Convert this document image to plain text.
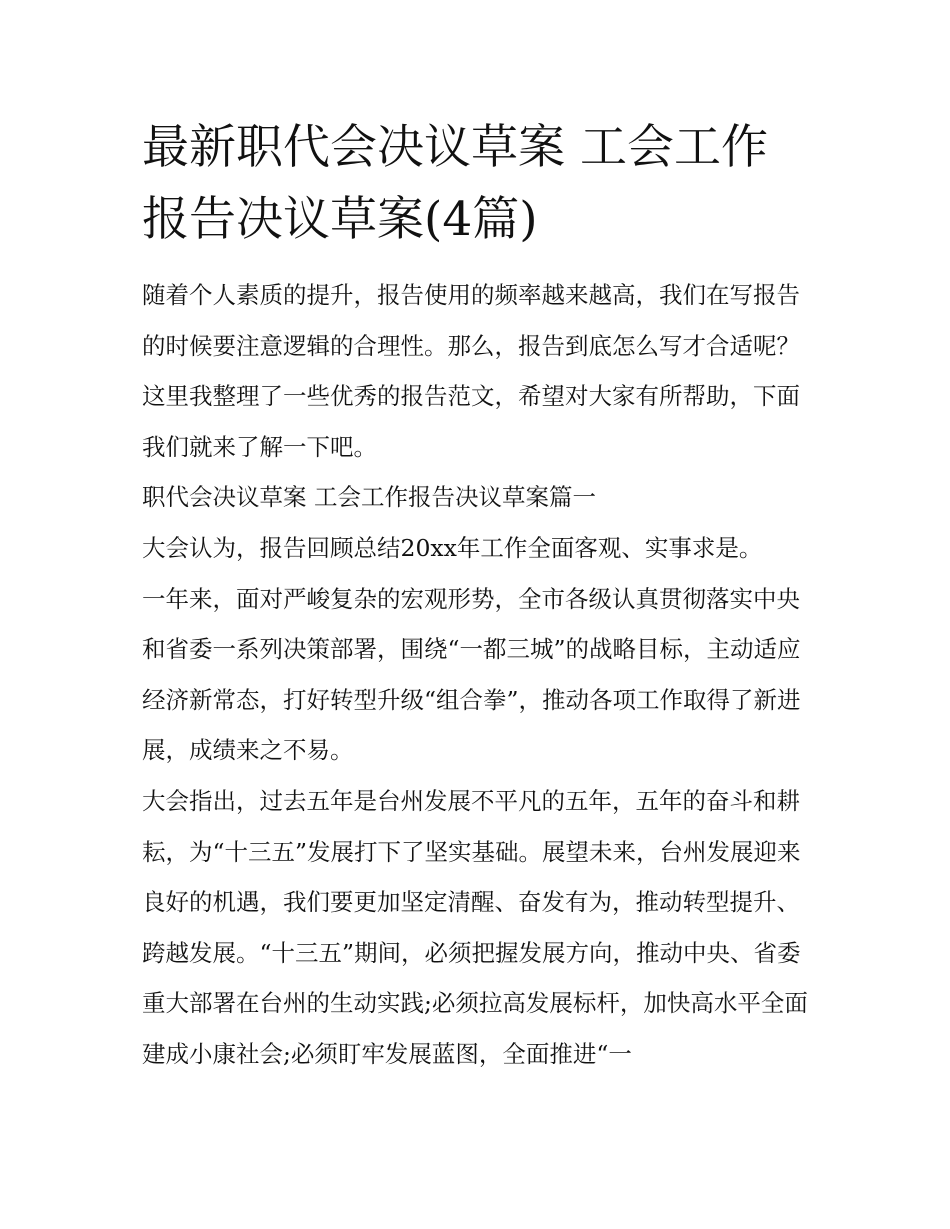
最新职代会决议草案 工会工作报告决议草案(4篇)

随着个人素质的提升，报告使用的频率越来越高，我们在写报告的时候要注意逻辑的合理性。那么，报告到底怎么写才合适呢？这里我整理了一些优秀的报告范文，希望对大家有所帮助，下面我们就来了解一下吧。

职代会决议草案 工会工作报告决议草案篇一

大会认为，报告回顾总结20xx年工作全面客观、实事求是。

一年来，面对严峻复杂的宏观形势，全市各级认真贯彻落实中央和省委一系列决策部署，围绕“一都三城”的战略目标，主动适应经济新常态，打好转型升级“组合拳”，推动各项工作取得了新进展，成绩来之不易。

大会指出，过去五年是台州发展不平凡的五年，五年的奋斗和耕耘，为“十三五”发展打下了坚实基础。展望未来，台州发展迎来良好的机遇，我们要更加坚定清醒、奋发有为，推动转型提升、跨越发展。“十三五”期间，必须把握发展方向，推动中央、省委重大部署在台州的生动实践;必须拉高发展标杆，加快高水平全面建成小康社会;必须盯牢发展蓝图，全面推进“一
